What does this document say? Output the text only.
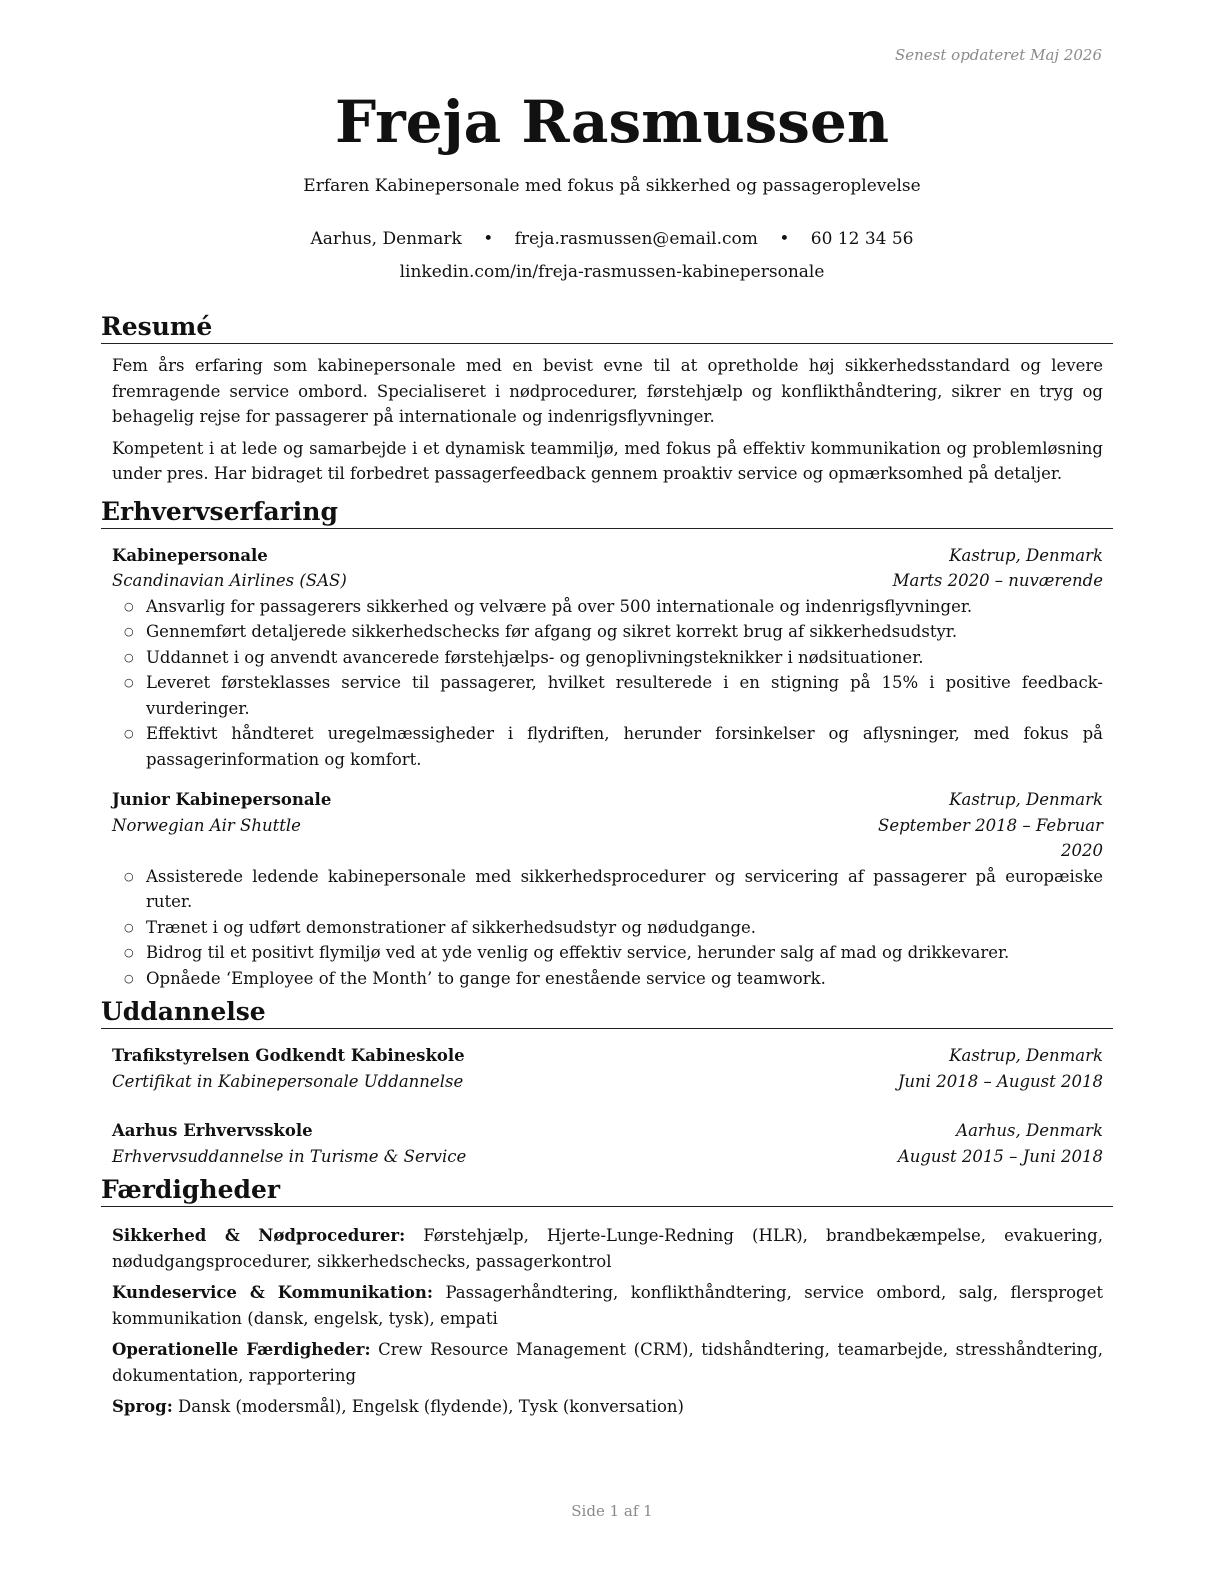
Senest opdateret Maj 2026
Freja Rasmussen
Erfaren Kabinepersonale med fokus på sikkerhed og passageroplevelse
Aarhus, Denmark • freja.rasmussen@email.com • 60 12 34 56
linkedin.com/in/freja-rasmussen-kabinepersonale
Resumé

Fem års erfaring som kabinepersonale med en bevist evne til at opretholde høj sikkerhedsstandard og levere fremragende service ombord. Specialiseret i nødprocedurer, førstehjælp og konflikthåndtering, sikrer en tryg og behagelig rejse for passagerer på internationale og indenrigsflyvninger.

Kompetent i at lede og samarbejde i et dynamisk teammiljø, med fokus på effektiv kommunikation og problemløsning under pres. Har bidraget til forbedret passagerfeedback gennem proaktiv service og opmærksomhed på detaljer.

Erhvervserfaring
Kabinepersonale	Kastrup, Denmark
Scandinavian Airlines (SAS)	Marts 2020 – nuværende
○ Ansvarlig for passagerers sikkerhed og velvære på over 500 internationale og indenrigsflyvninger.
○ Gennemført detaljerede sikkerhedschecks før afgang og sikret korrekt brug af sikkerhedsudstyr.
○ Uddannet i og anvendt avancerede førstehjælps- og genoplivningsteknikker i nødsituationer.
○ Leveret førsteklasses service til passagerer, hvilket resulterede i en stigning på 15% i positive feedback-vurderinger.
○ Effektivt håndteret uregelmæssigheder i flydriften, herunder forsinkelser og aflysninger, med fokus på passagerinformation og komfort.
Junior Kabinepersonale	Kastrup, Denmark
Norwegian Air Shuttle	September 2018 – Februar
2020
○ Assisterede ledende kabinepersonale med sikkerhedsprocedurer og servicering af passagerer på europæiske ruter.
○ Trænet i og udført demonstrationer af sikkerhedsudstyr og nødudgange.
○ Bidrog til et positivt flymiljø ved at yde venlig og effektiv service, herunder salg af mad og drikkevarer.
○ Opnåede ‘Employee of the Month’ to gange for enestående service og teamwork.
Uddannelse
Trafikstyrelsen Godkendt Kabineskole	Kastrup, Denmark
Certifikat in Kabinepersonale Uddannelse	Juni 2018 – August 2018
Aarhus Erhvervsskole	Aarhus, Denmark
Erhvervsuddannelse in Turisme & Service	August 2015 – Juni 2018
Færdigheder

Sikkerhed & Nødprocedurer: Førstehjælp, Hjerte-Lunge-Redning (HLR), brandbekæmpelse, evakuering, nødudgangsprocedurer, sikkerhedschecks, passagerkontrol

Kundeservice & Kommunikation: Passagerhåndtering, konflikthåndtering, service ombord, salg, flersproget kommunikation (dansk, engelsk, tysk), empati

Operationelle Færdigheder: Crew Resource Management (CRM), tidshåndtering, teamarbejde, stresshåndtering, dokumentation, rapportering

Sprog: Dansk (modersmål), Engelsk (flydende), Tysk (konversation)

Side 1 af 1
